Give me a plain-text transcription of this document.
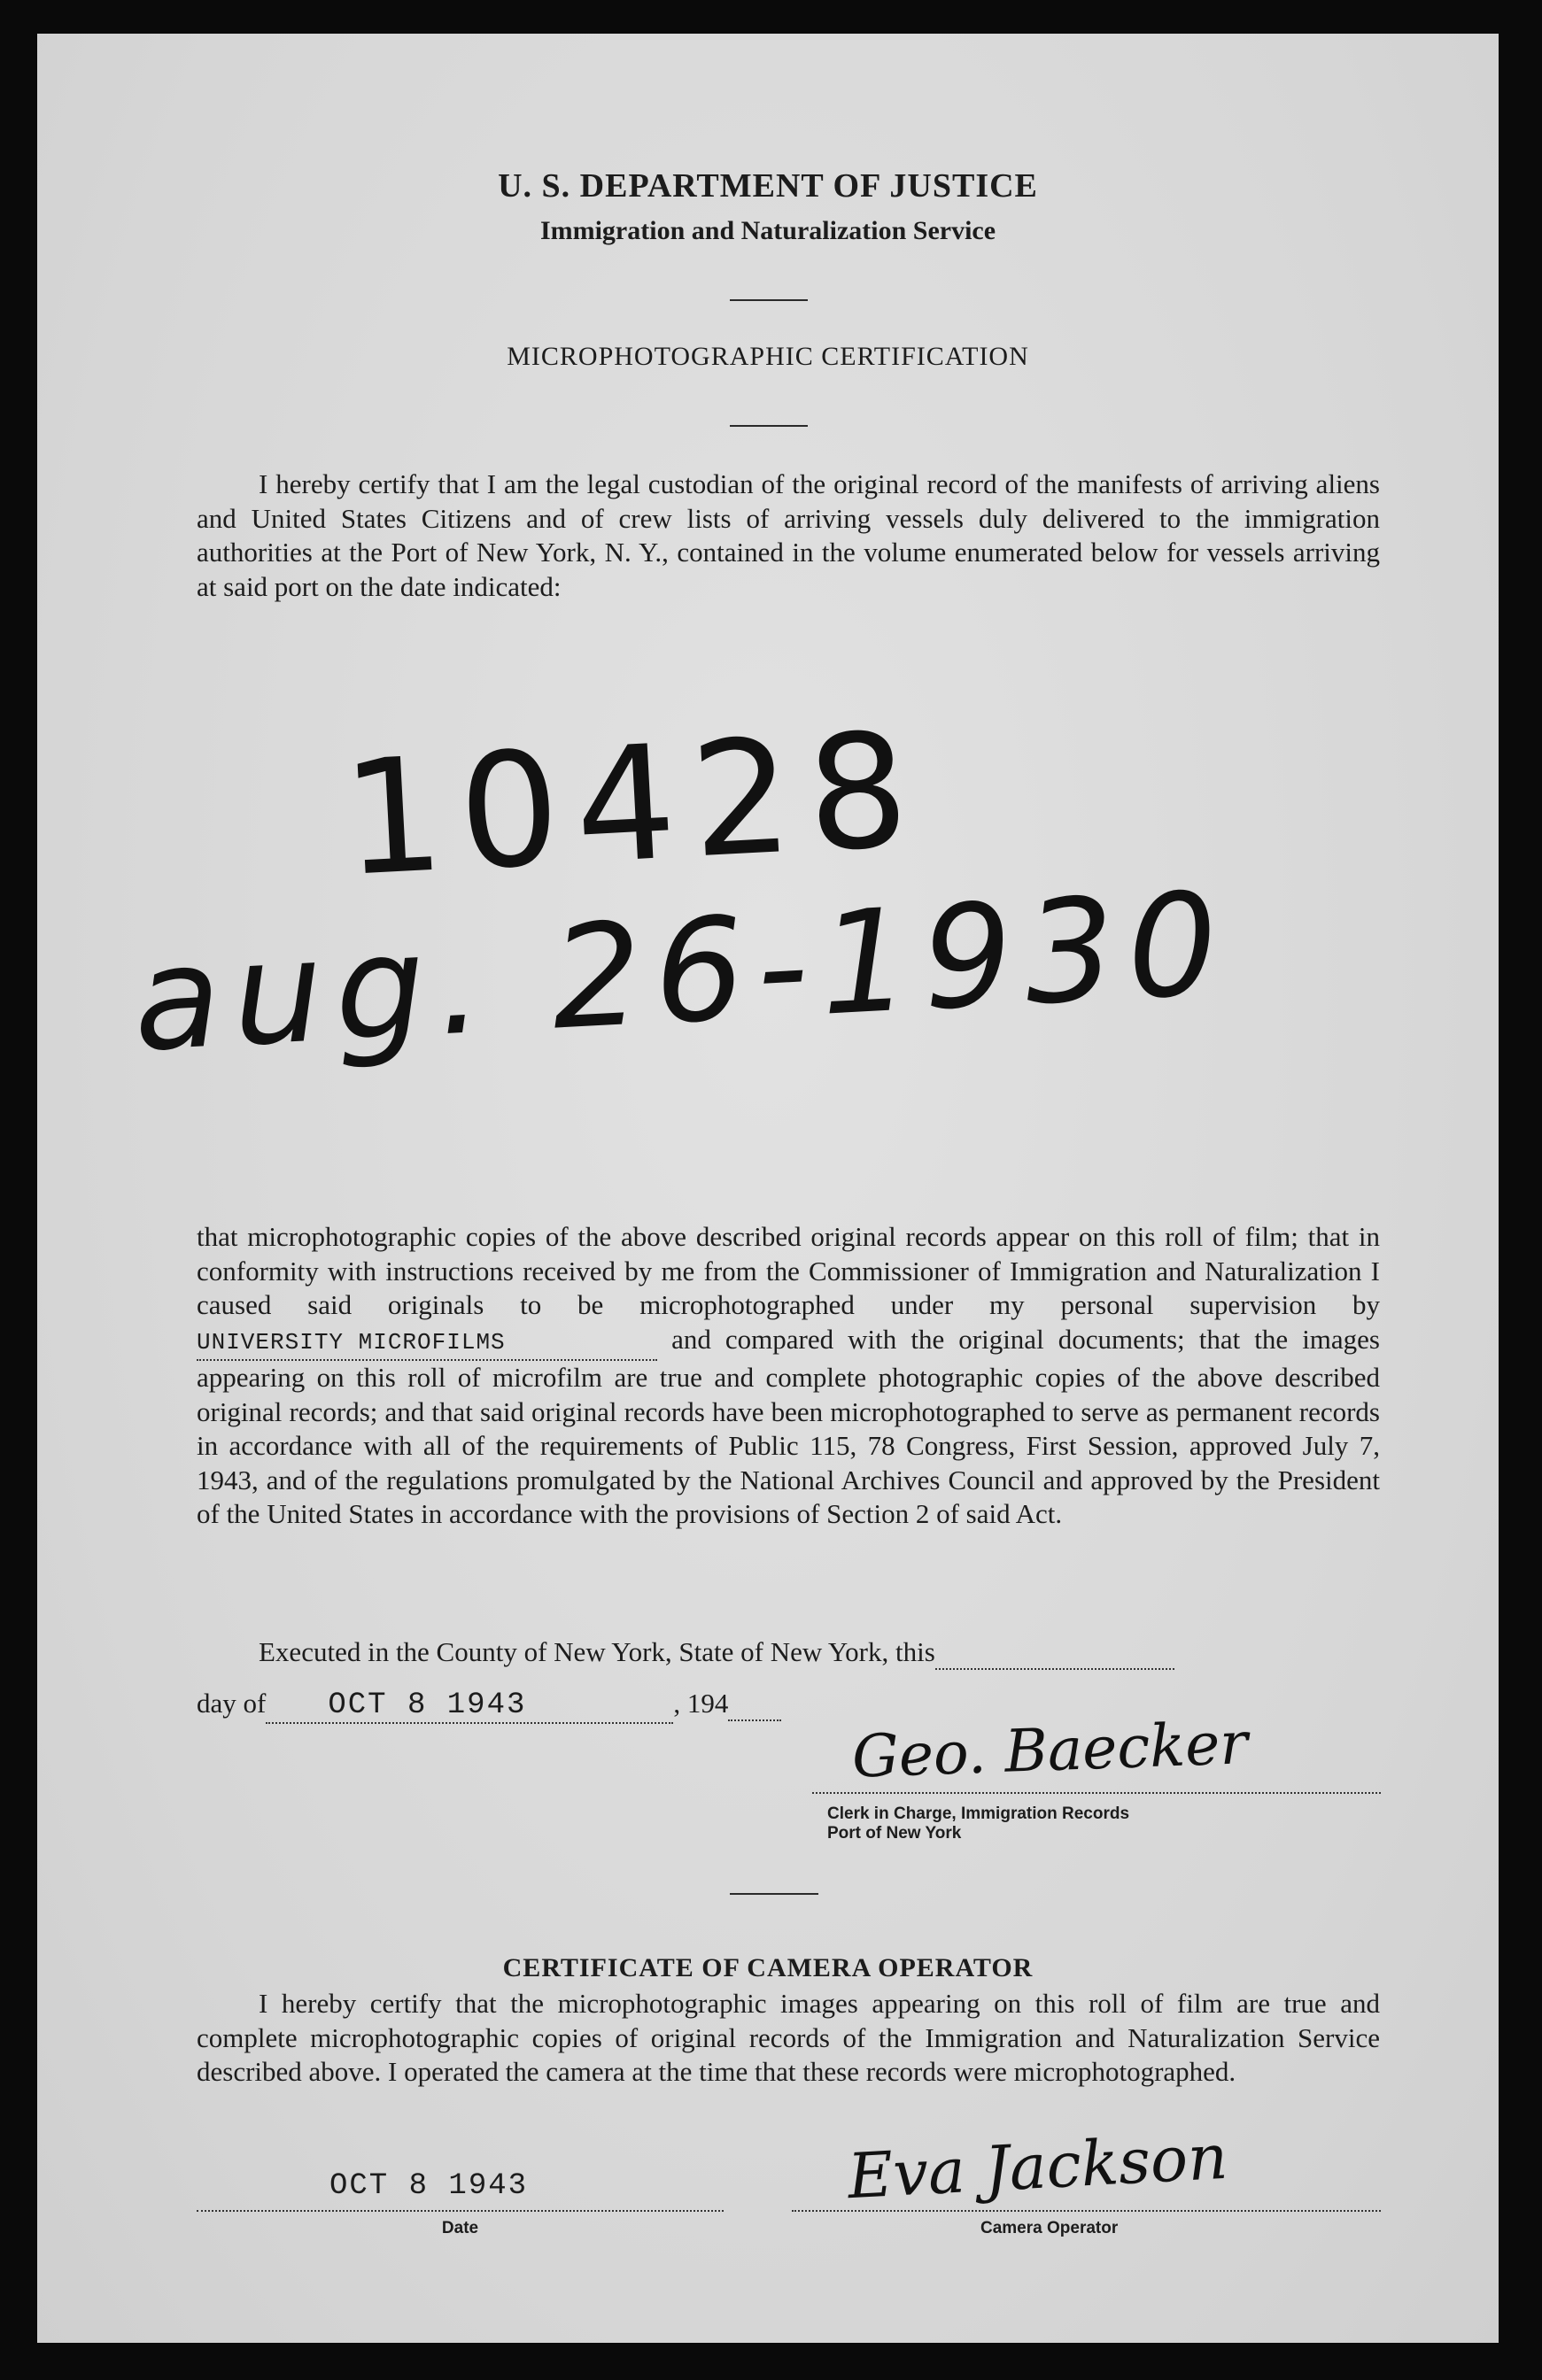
U. S. DEPARTMENT OF JUSTICE
Immigration and Naturalization Service
MICROPHOTOGRAPHIC CERTIFICATION
I hereby certify that I am the legal custodian of the original record of the manifests of arriving aliens and United States Citizens and of crew lists of arriving vessels duly delivered to the immigration authorities at the Port of New York, N. Y., contained in the volume enumerated below for vessels arriving at said port on the date indicated:
10428
aug. 26-1930
that microphotographic copies of the above described original records appear on this roll of film; that in conformity with instructions received by me from the Commissioner of Immigration and Naturalization I caused said originals to be microphotographed under my personal supervision by UNIVERSITY MICROFILMS	and compared with the original documents; that the images appearing on this roll of microfilm are true and complete photographic copies of the above described original records; and that said original records have been microphotographed to serve as permanent records in accordance with all of the requirements of Public 115, 78 Congress, First Session, approved July 7, 1943, and of the regulations promulgated by the National Archives Council and approved by the President of the United States in accordance with the provisions of Section 2 of said Act.
Executed in the County of New York, State of New York, this
day of OCT 8 1943	, 194
Geo. Baecker
Clerk in Charge, Immigration Records
Port of New York
CERTIFICATE OF CAMERA OPERATOR
I hereby certify that the microphotographic images appearing on this roll of film are true and complete microphotographic copies of original records of the Immigration and Naturalization Service described above. I operated the camera at the time that these records were microphotographed.
OCT 8 1943
Date
Eva Jackson
Camera Operator
